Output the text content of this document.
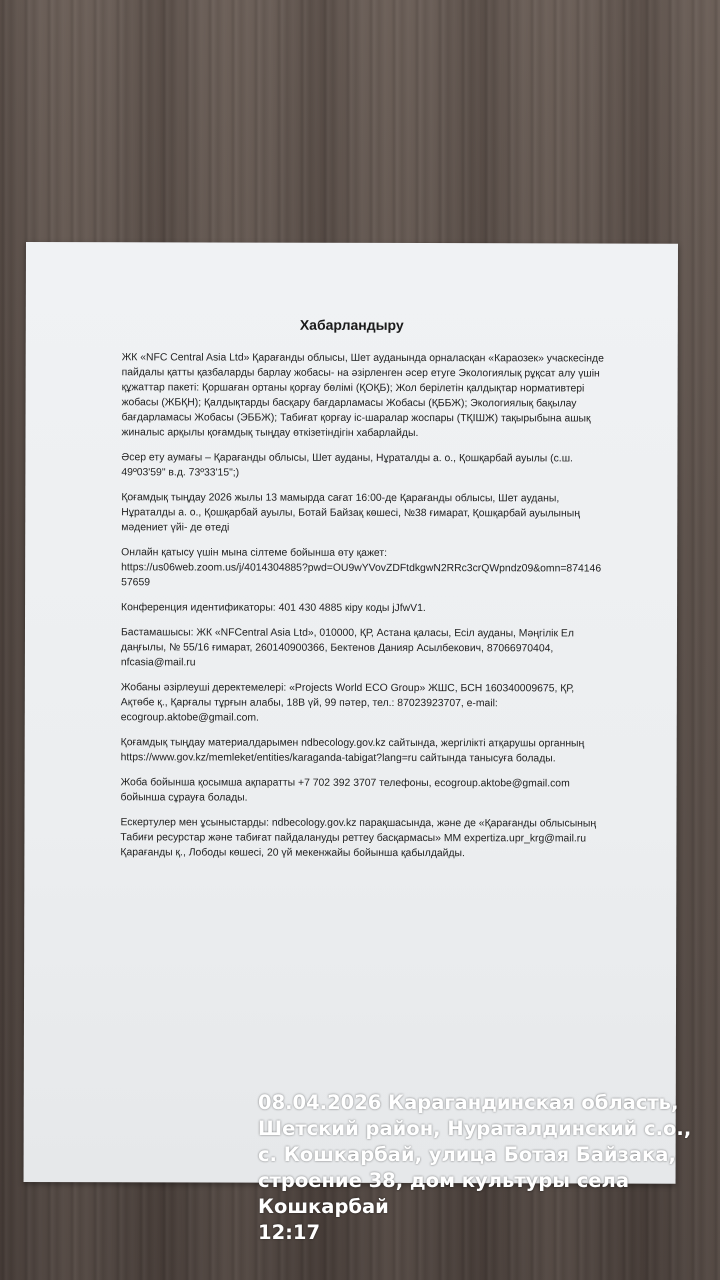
Хабарландыру

ЖК «NFC Central Asia Ltd» Қарағанды облысы, Шет ауданында орналасқан «Караозек» учаскесінде
пайдалы қатты қазбаларды барлау жобасы- на әзірленген әсер етуге Экологиялық рұқсат алу үшін
құжаттар пакеті: Қоршаған ортаны қорғау бөлімі (ҚОҚБ); Жол берілетін қалдықтар нормативтері
жобасы (ЖБҚН); Қалдықтарды басқару бағдарламасы Жобасы (ҚББЖ); Экологиялық бақылау
бағдарламасы Жобасы (ЭББЖ); Табиғат қорғау іс-шаралар жоспары (ТҚІШЖ) тақырыбына ашық
жиналыс арқылы қоғамдық тыңдау өткізетіндігін хабарлайды.

Әсер ету аумағы – Қарағанды облысы, Шет ауданы, Нұраталды а. о., Қошқарбай ауылы (с.ш.
49º03'59" в.д. 73º33'15";)

Қоғамдық тыңдау 2026 жылы 13 мамырда сағат 16:00-де Қарағанды облысы, Шет ауданы,
Нұраталды а. о., Қошқарбай ауылы, Ботай Байзақ көшесі, №38 ғимарат, Қошқарбай ауылының
мәдениет үйі- де өтеді

Онлайн қатысу үшін мына сілтеме бойынша өту қажет:
https://us06web.zoom.us/j/4014304885?pwd=OU9wYVovZDFtdkgwN2RRc3crQWpndz09&omn=874146
57659

Конференция идентификаторы: 401 430 4885 кіру коды jJfwV1.

Бастамашысы: ЖК «NFCentral Asia Ltd», 010000, ҚР, Астана қаласы, Есіл ауданы, Мәңгілік Ел
даңғылы, № 55/16 ғимарат, 260140900366, Бектенов Данияр Асылбекович, 87066970404,
nfcasia@mail.ru

Жобаны әзірлеуші деректемелері: «Projects World ECO Group» ЖШС, БСН 160340009675, ҚР,
Ақтөбе қ., Қарғалы тұрғын алабы, 18В үй, 99 пәтер, тел.: 87023923707, e-mail:
ecogroup.aktobe@gmail.com.

Қоғамдық тыңдау материалдарымен ndbecology.gov.kz сайтында, жергілікті атқарушы органның
https://www.gov.kz/memleket/entities/karaganda-tabigat?lang=ru сайтында танысуға болады.

Жоба бойынша қосымша ақпаратты +7 702 392 3707 телефоны, ecogroup.aktobe@gmail.com
бойынша сұрауға болады.

Ескертулер мен ұсыныстарды: ndbecology.gov.kz парақшасында, және де «Қарағанды облысының
Табиғи ресурстар және табиғат пайдалануды реттеу басқармасы» ММ expertiza.upr_krg@mail.ru
Қарағанды қ., Лободы көшесі, 20 үй мекенжайы бойынша қабылдайды.

08.04.2026 Карагандинская область,
Шетский район, Нуратaлдинский с.о.,
с. Кошкарбай, улица Ботая Байзака,
строение 38, дом культуры села
Кошкарбай
12:17
